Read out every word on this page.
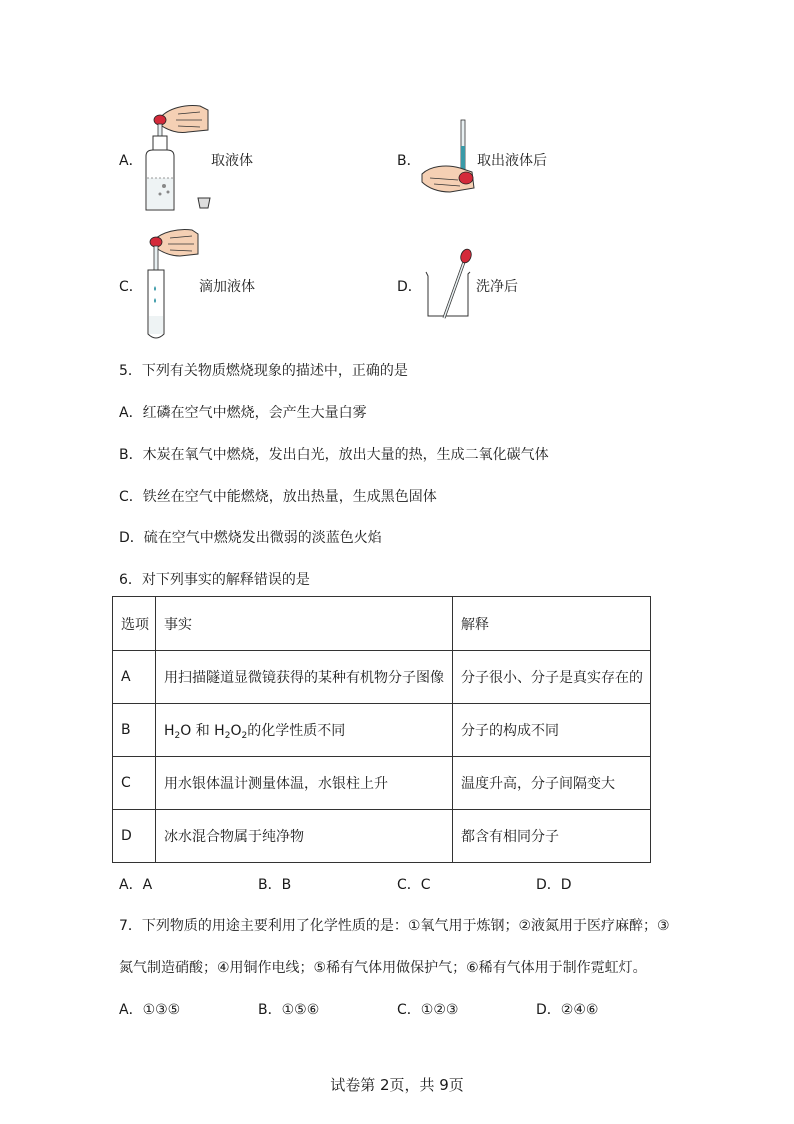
A．	取液体	B．	取出液体后
C．	滴加液体	D．	洗净后
5．下列有关物质燃烧现象的描述中，正确的是
A．红磷在空气中燃烧，会产生大量白雾
B．木炭在氧气中燃烧，发出白光，放出大量的热，生成二氧化碳气体
C．铁丝在空气中能燃烧，放出热量，生成黑色固体
D．硫在空气中燃烧发出微弱的淡蓝色火焰
6．对下列事实的解释错误的是
选项	事实	解释
A	用扫描隧道显微镜获得的某种有机物分子图像	分子很小、分子是真实存在的
B	$H_2O$ 和 $H_2O_2$的化学性质不同	分子的构成不同
C	用水银体温计测量体温，水银柱上升	温度升高，分子间隔变大
D	冰水混合物属于纯净物	都含有相同分子
A．A	B．B	C．C	D．D
7．下列物质的用途主要利用了化学性质的是：①氧气用于炼钢；②液氮用于医疗麻醉；③
氮气制造硝酸；④用铜作电线；⑤稀有气体用做保护气；⑥稀有气体用于制作霓虹灯。
A．①③⑤	B．①⑤⑥	C．①②③	D．②④⑥
试卷第 2页，共 9页
